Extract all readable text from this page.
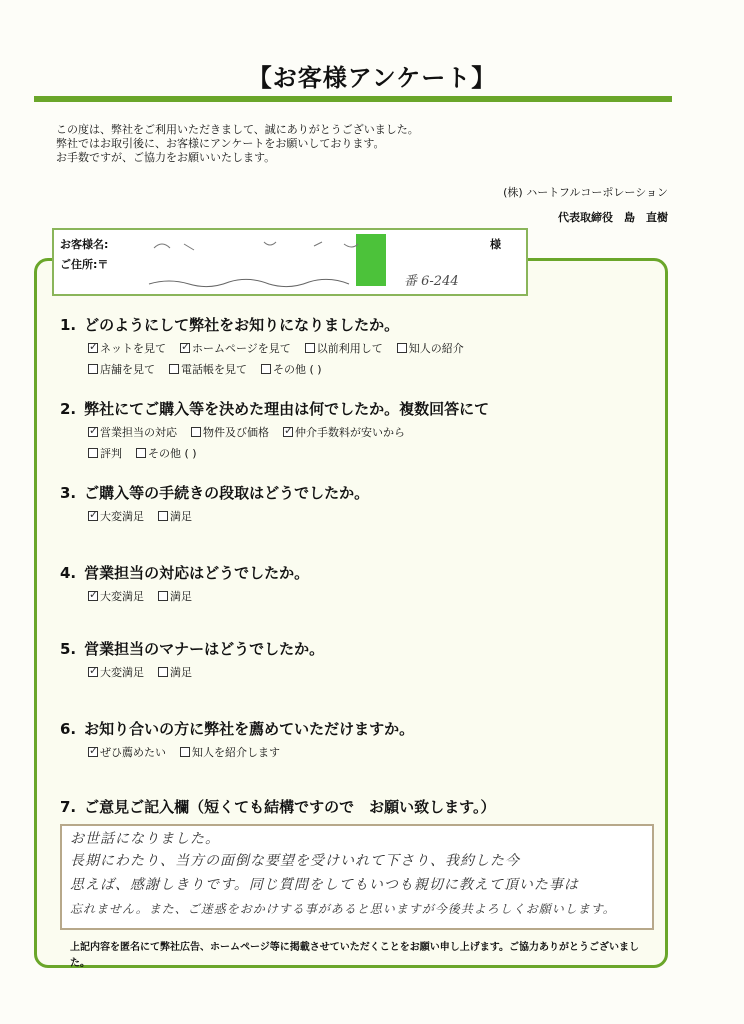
【お客様アンケート】
この度は、弊社をご利用いただきまして、誠にありがとうございました。
弊社ではお取引後に、お客様にアンケートをお願いしております。
お手数ですが、ご協力をお願いいたします。
(株) ハートフルコーポレーション
代表取締役　島　直樹
お客様名:
ご住所:〒
様
番 6-244
1. どのようにして弊社をお知りになりましたか。
✓
ネットを見て ✓ ホームページを見て 以前利用して 知人の紹介
店舗を見て 電話帳を見て その他 ( )
2. 弊社にてご購入等を決めた理由は何でしたか。複数回答にて
✓
営業担当の対応 物件及び価格 ✓ 仲介手数料が安いから
評判 その他 ( )
3. ご購入等の手続きの段取はどうでしたか。
✓
大変満足 満足
4. 営業担当の対応はどうでしたか。
✓
大変満足 満足
5. 営業担当のマナーはどうでしたか。
✓
大変満足 満足
6. お知り合いの方に弊社を薦めていただけますか。
✓
ぜひ薦めたい 知人を紹介します
7. ご意見ご記入欄（短くても結構ですので　お願い致します。）
お世話になりました。
長期にわたり、当方の面倒な要望を受けいれて下さり、我約した今
思えば、感謝しきりです。同じ質問をしてもいつも親切に教えて頂いた事は
忘れません。また、ご迷惑をおかけする事があると思いますが今後共よろしくお願いします。
上記内容を匿名にて弊社広告、ホームページ等に掲載させていただくことをお願い申し上げます。ご協力ありがとうございました。
